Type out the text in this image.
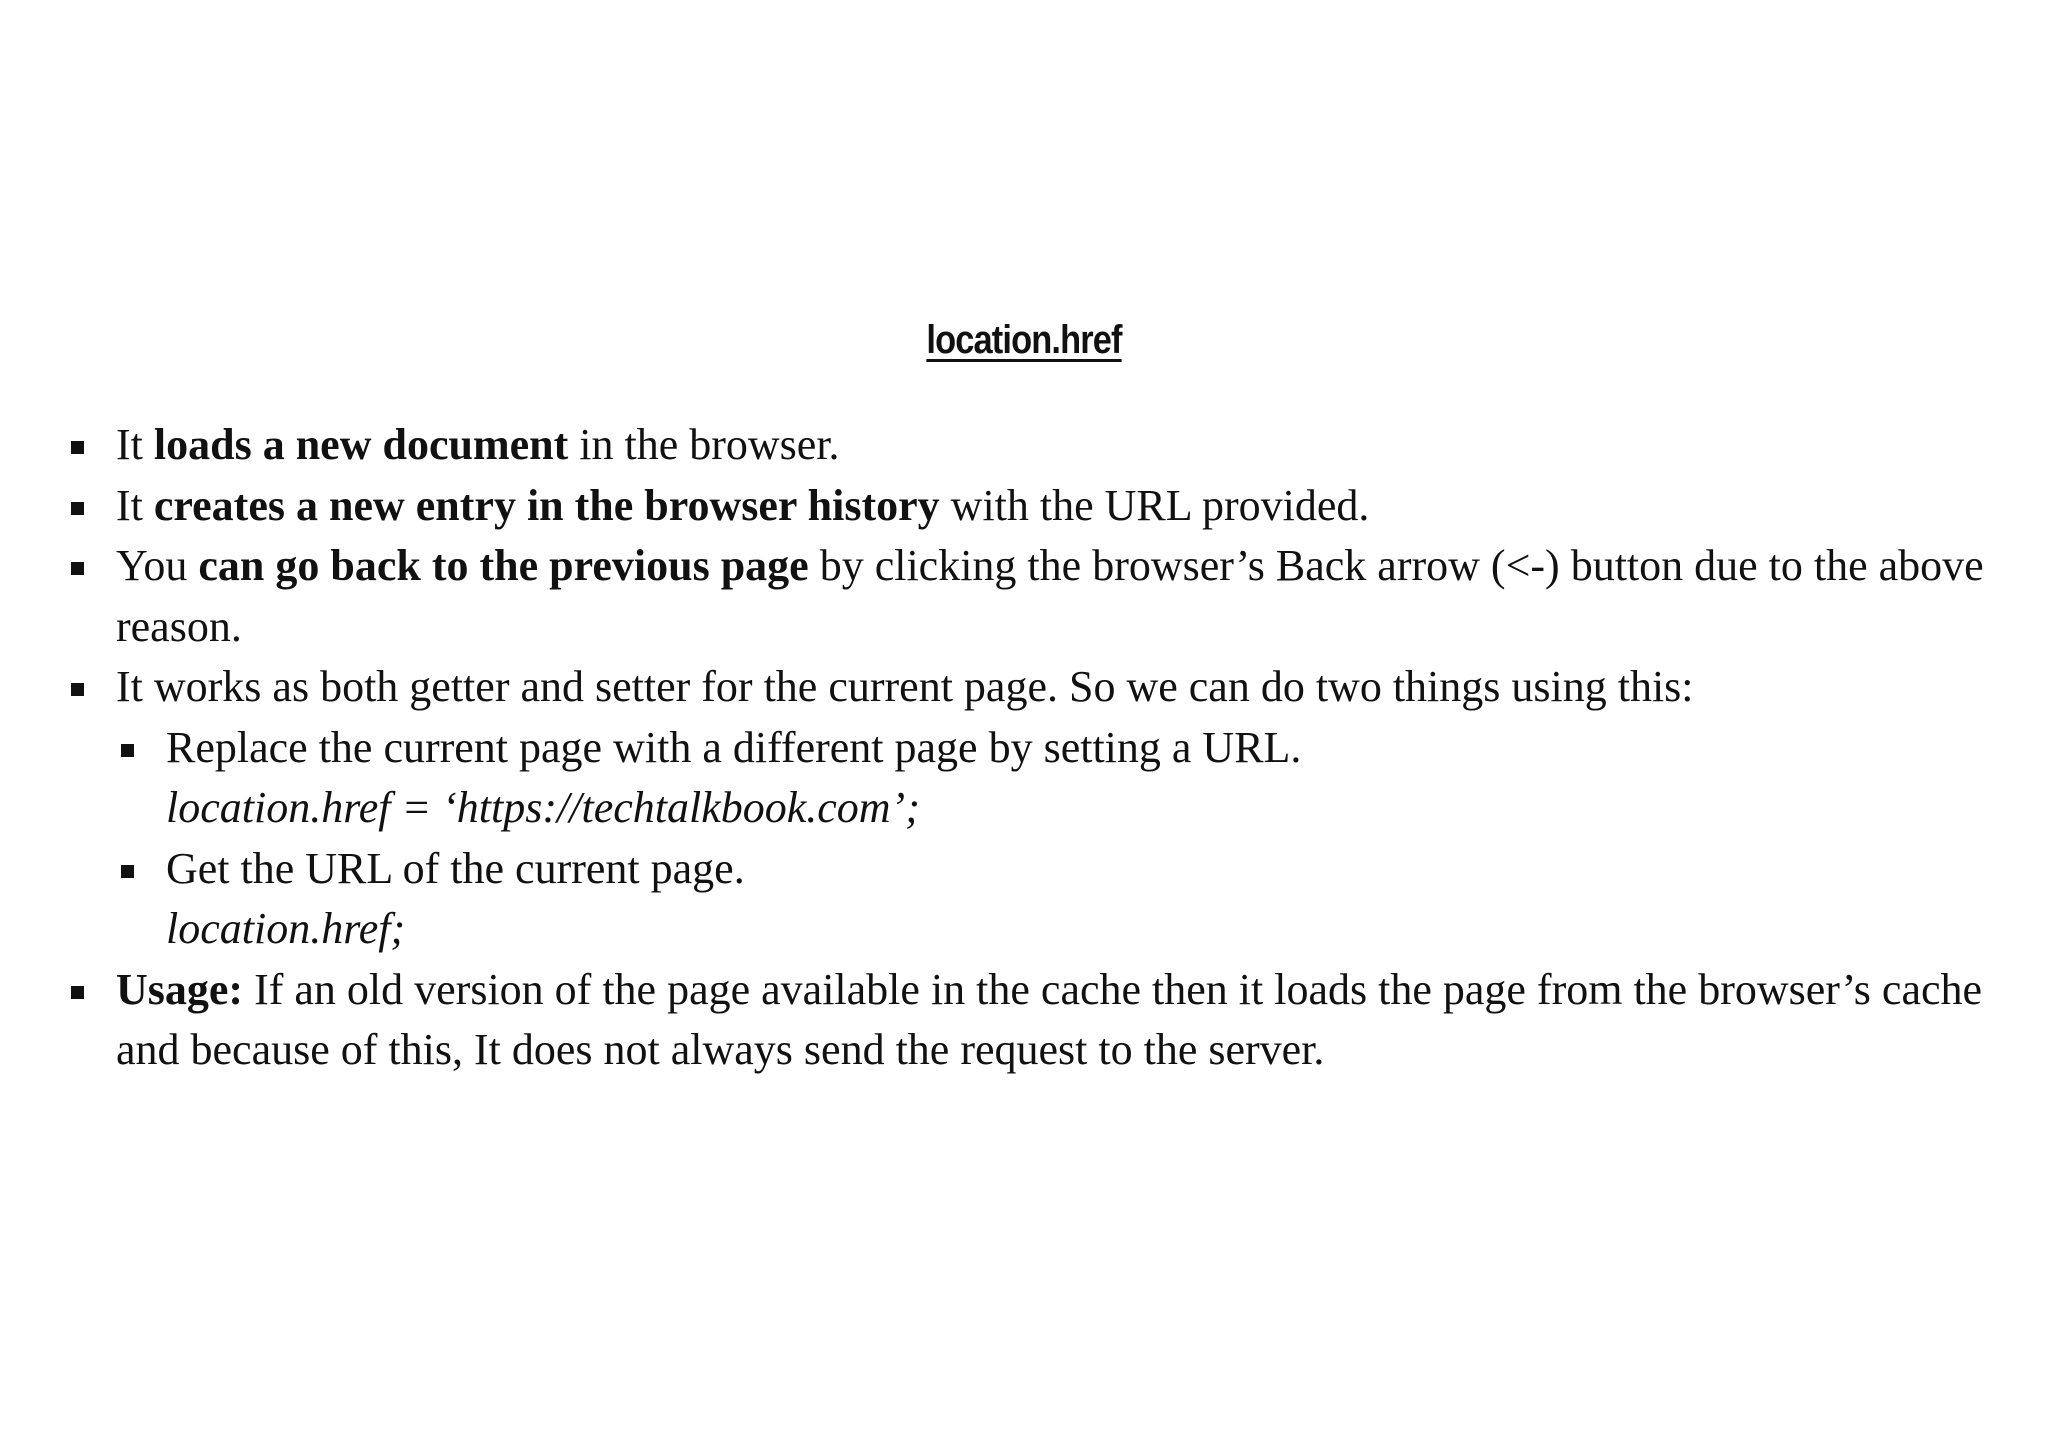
location.href
It loads a new document in the browser.
It creates a new entry in the browser history with the URL provided.
You can go back to the previous page by clicking the browser’s Back arrow (<-) button due to the above reason.
It works as both getter and setter for the current page. So we can do two things using this:
Replace the current page with a different page by setting a URL.
location.href = ‘https://techtalkbook.com’;
Get the URL of the current page.
location.href;
Usage: If an old version of the page available in the cache then it loads the page from the browser’s cache and because of this, It does not always send the request to the server.
